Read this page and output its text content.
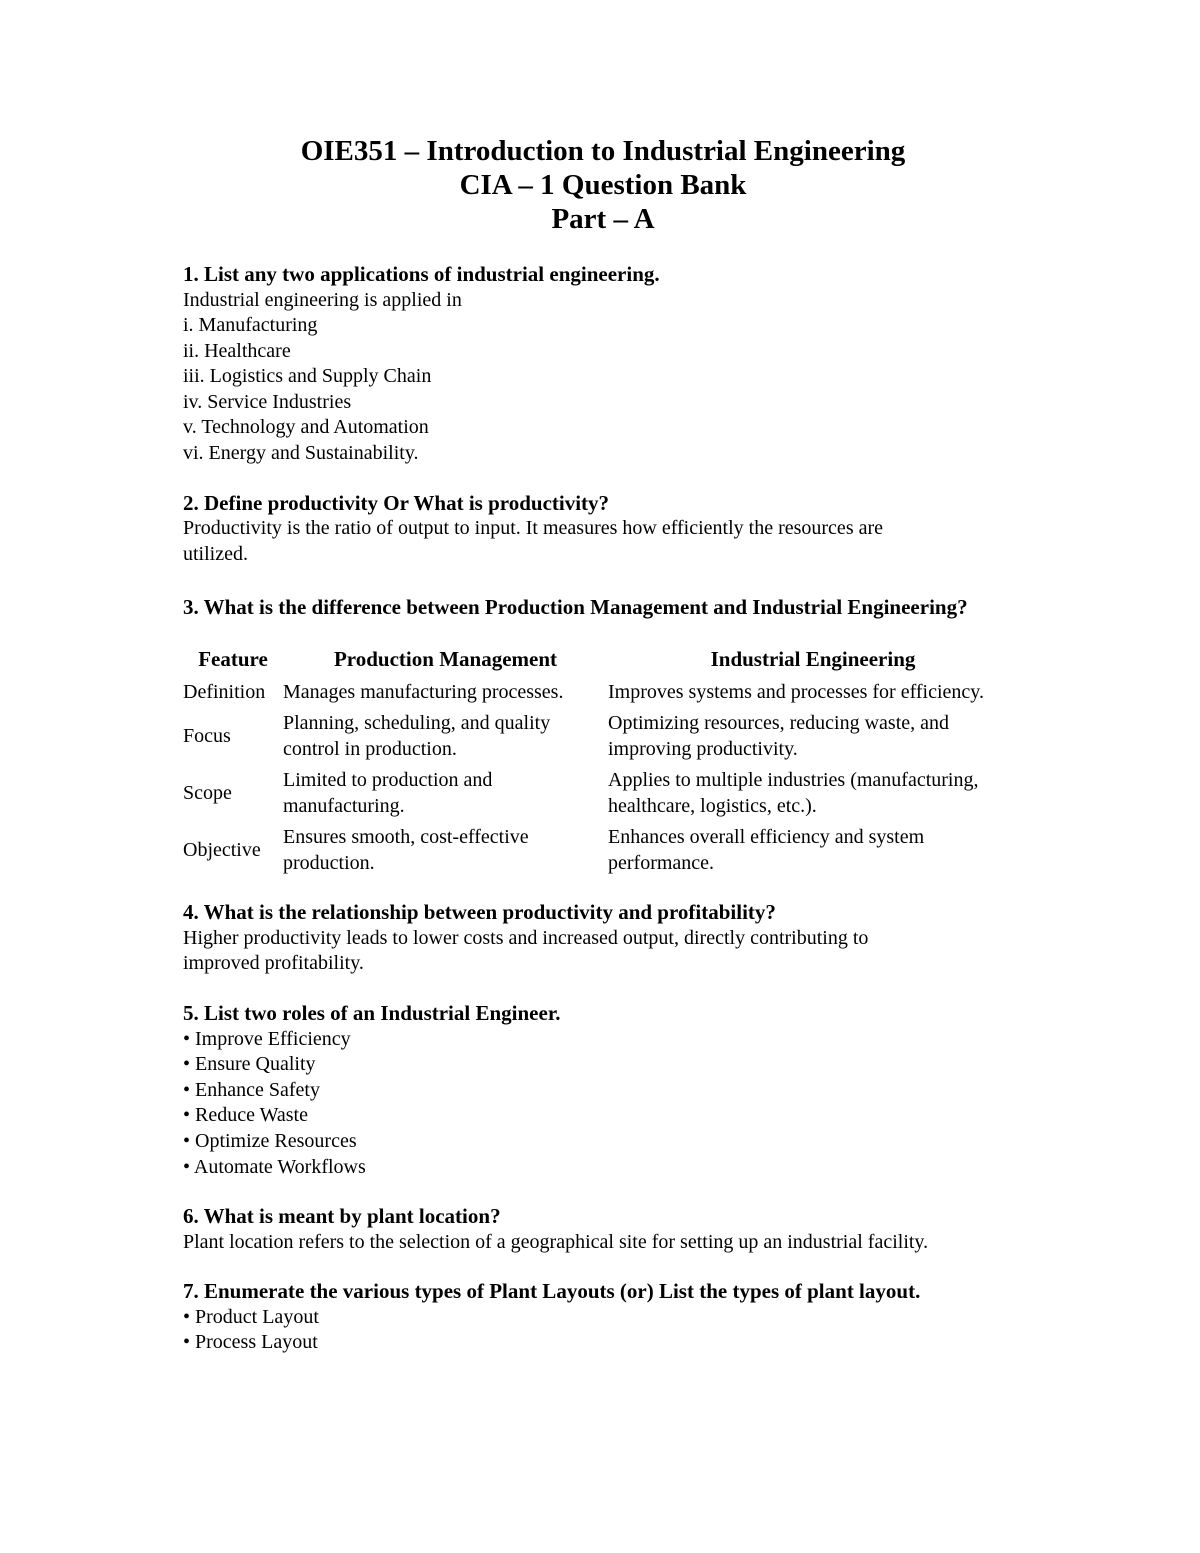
OIE351 – Introduction to Industrial Engineering
CIA – 1 Question Bank
Part – A
1. List any two applications of industrial engineering.
Industrial engineering is applied in
i. Manufacturing
ii. Healthcare
iii. Logistics and Supply Chain
iv. Service Industries
v. Technology and Automation
vi. Energy and Sustainability.
2. Define productivity Or What is productivity?
Productivity is the ratio of output to input. It measures how efficiently the resources are
utilized.
3. What is the difference between Production Management and Industrial Engineering?
Feature	Production Management	Industrial Engineering
Definition	Manages manufacturing processes.	Improves systems and processes for efficiency.
Focus	Planning, scheduling, and quality control in production.	Optimizing resources, reducing waste, and improving productivity.
Scope	Limited to production and manufacturing.	Applies to multiple industries (manufacturing, healthcare, logistics, etc.).
Objective	Ensures smooth, cost-effective production.	Enhances overall efficiency and system performance.
4. What is the relationship between productivity and profitability?
Higher productivity leads to lower costs and increased output, directly contributing to
improved profitability.
5. List two roles of an Industrial Engineer.
• Improve Efficiency
• Ensure Quality
• Enhance Safety
• Reduce Waste
• Optimize Resources
• Automate Workflows
6. What is meant by plant location?
Plant location refers to the selection of a geographical site for setting up an industrial facility.
7. Enumerate the various types of Plant Layouts (or) List the types of plant layout.
• Product Layout
• Process Layout
